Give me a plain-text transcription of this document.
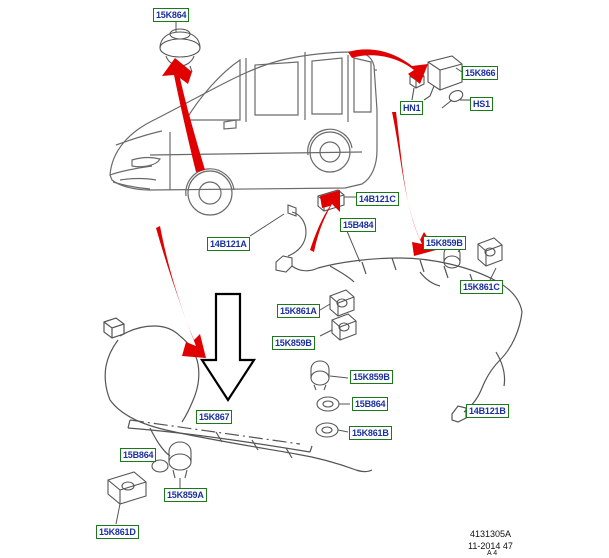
15K864
15K866
HN1	HS1
14B121C
15B484
14B121A	15K859B
15K861C
15K861A
15K859B
15K859B
15B864
15K861B
14B121B
15K867
15B864
15K859A
15K861D	4131305A
11-2014 47
A 4
